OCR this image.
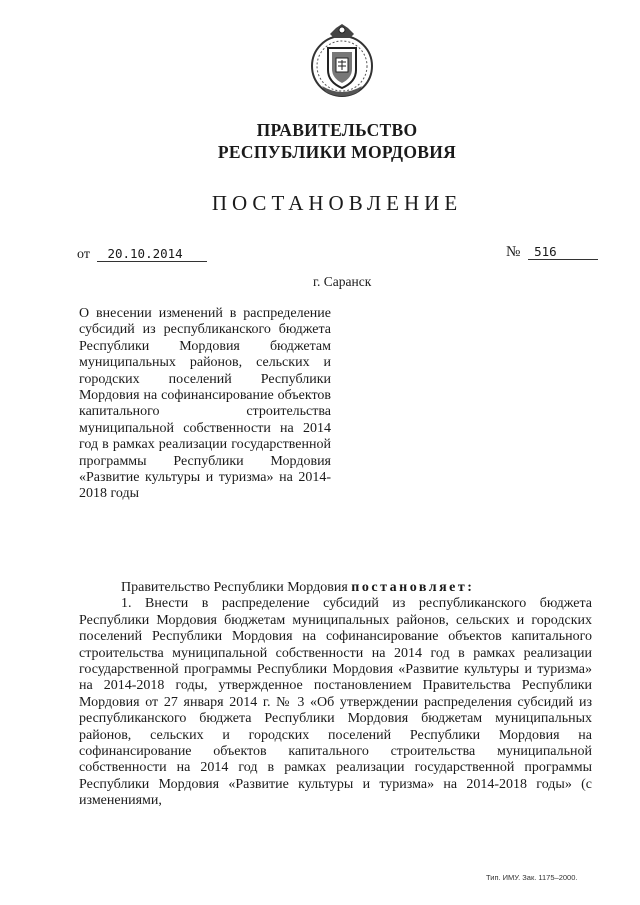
ПРАВИТЕЛЬСТВО
РЕСПУБЛИКИ МОРДОВИЯ
ПОСТАНОВЛЕНИЕ
от 20.10.2014	№ 516
г. Саранск

О внесении изменений в распределение субсидий из республиканского бюджета Республики Мордовия бюджетам муниципальных районов, сельских и городских поселений Республики Мордовия на софинансирование объектов капитального строительства муниципальной собственности на 2014 год в рамках реализации государственной программы Республики Мордовия «Развитие культуры и туризма» на 2014-2018 годы

Правительство Республики Мордовия постановляет:

1. Внести в распределение субсидий из республиканского бюджета Республики Мордовия бюджетам муниципальных районов, сельских и городских поселений Республики Мордовия на софинансирование объектов капитального строительства муниципальной собственности на 2014 год в рамках реализации государственной программы Республики Мордовия «Развитие культуры и туризма» на 2014-2018 годы, утвержденное постановлением Правительства Республики Мордовия от 27 января 2014 г. № 3 «Об утверждении распределения субсидий из республиканского бюджета Республики Мордовия бюджетам муниципальных районов, сельских и городских поселений Республики Мордовия на софинансирование объектов капитального строительства муниципальной собственности на 2014 год в рамках реализации государственной программы Республики Мордовия «Развитие культуры и туризма» на 2014-2018 годы» (с изменениями,

Тип. ИМУ. Зак. 1175–2000.
